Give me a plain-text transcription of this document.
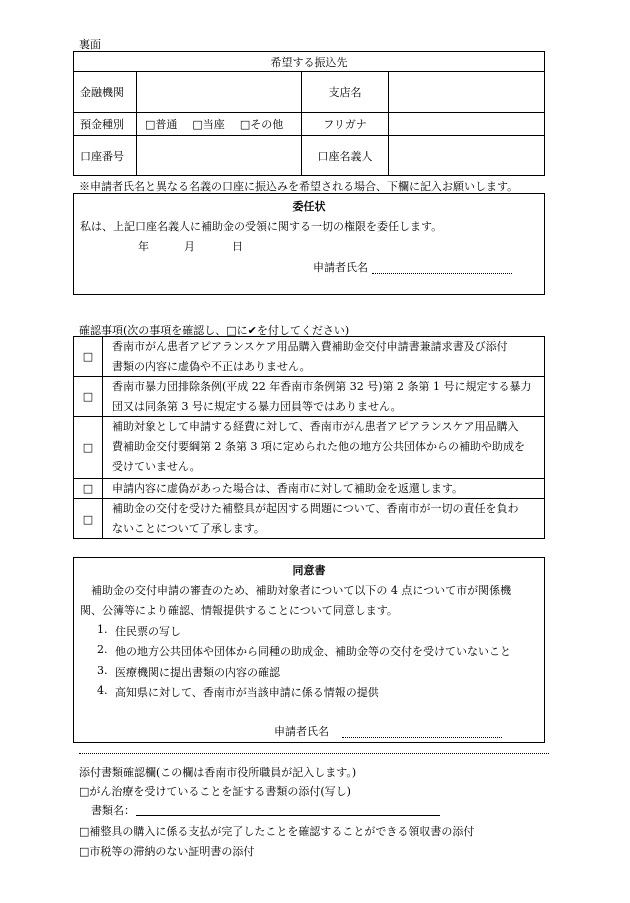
裏面
希望する振込先			
金融機関		支店名	
預金種別	□普通 □当座 □その他	フリガナ	
口座番号		口座名義人	
※申請者氏名と異なる名義の口座に振込みを希望される場合、下欄に記入お願いします。
委任状
私は、上記口座名義人に補助金の受領に関する一切の権限を委任します。
年	月	日
申請者氏名
確認事項(次の事項を確認し、□に✔を付してください)
□
香南市がん患者アピアランスケア用品購入費補助金交付申請書兼請求書及び添付
書類の内容に虚偽や不正はありません。
□
香南市暴力団排除条例(平成 22 年香南市条例第 32 号)第 2 条第 1 号に規定する暴力
団又は同条第 3 号に規定する暴力団員等ではありません。
□
補助対象として申請する経費に対して、香南市がん患者アピアランスケア用品購入
費補助金交付要綱第 2 条第 3 項に定められた他の地方公共団体からの補助や助成を
受けていません。
□	申請内容に虚偽があった場合は、香南市に対して補助金を返還します。
□
補助金の交付を受けた補整具が起因する問題について、香南市が一切の責任を負わ
ないことについて了承します。
同意書
補助金の交付申請の審査のため、補助対象者について以下の 4 点について市が関係機
関、公簿等により確認、情報提供することについて同意します。
1. 住民票の写し
2. 他の地方公共団体や団体から同種の助成金、補助金等の交付を受けていないこと
3. 医療機関に提出書類の内容の確認
4. 高知県に対して、香南市が当該申請に係る情報の提供
申請者氏名
添付書類確認欄(この欄は香南市役所職員が記入します。)
□がん治療を受けていることを証する書類の添付(写し)
書類名：
□補整具の購入に係る支払が完了したことを確認することができる領収書の添付
□市税等の滞納のない証明書の添付
